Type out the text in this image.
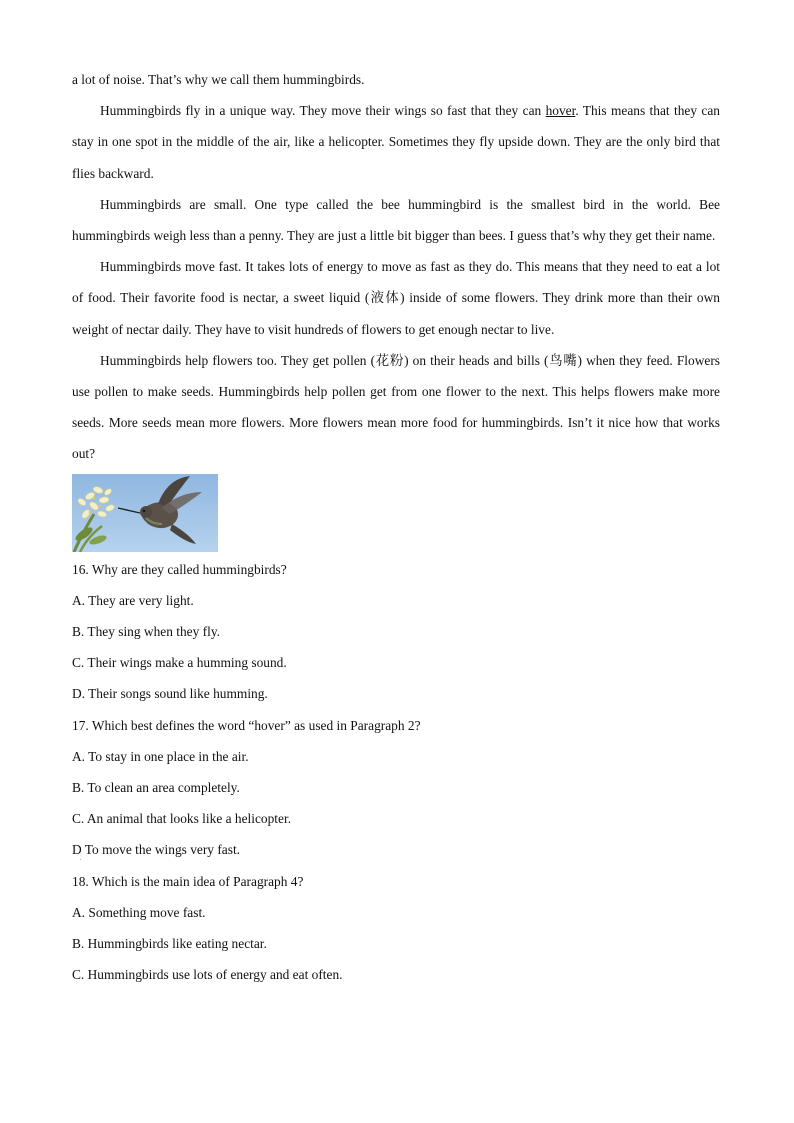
a lot of noise. That’s why we call them hummingbirds.

Hummingbirds fly in a unique way. They move their wings so fast that they can hover. This means that they can stay in one spot in the middle of the air, like a helicopter. Sometimes they fly upside down. They are the only bird that flies backward.

Hummingbirds are small. One type called the bee hummingbird is the smallest bird in the world. Bee hummingbirds weigh less than a penny. They are just a little bit bigger than bees. I guess that’s why they get their name.

Hummingbirds move fast. It takes lots of energy to move as fast as they do. This means that they need to eat a lot of food. Their favorite food is nectar, a sweet liquid (液体) inside of some flowers. They drink more than their own weight of nectar daily. They have to visit hundreds of flowers to get enough nectar to live.

Hummingbirds help flowers too. They get pollen (花粉) on their heads and bills (鸟嘴) when they feed. Flowers use pollen to make seeds. Hummingbirds help pollen get from one flower to the next. This helps flowers make more seeds. More seeds mean more flowers. More flowers mean more food for hummingbirds. Isn’t it nice how that works out?

16. Why are they called hummingbirds?

A. They are very light.

B. They sing when they fly.

C. Their wings make a humming sound.

D. Their songs sound like humming.

17. Which best defines the word “hover” as used in Paragraph 2?

A. To stay in one place in the air.

B. To clean an area completely.

C. An animal that looks like a helicopter.

D To move the wings very fast.

.

18. Which is the main idea of Paragraph 4?

A. Something move fast.

B. Hummingbirds like eating nectar.

C. Hummingbirds use lots of energy and eat often.
